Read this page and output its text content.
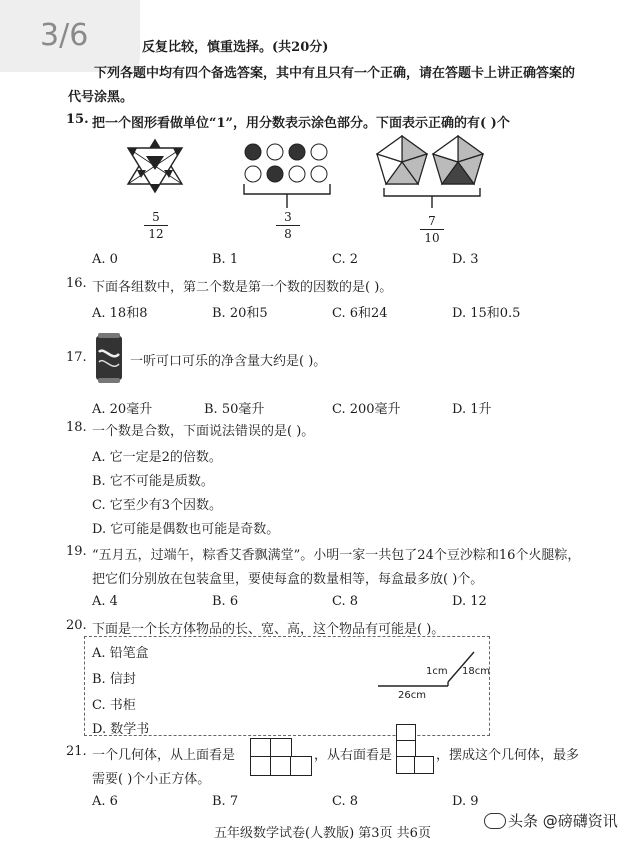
3/6	反复比较，慎重选择。(共20分)
下列各题中均有四个备选答案，其中有且只有一个正确，请在答题卡上讲正确答案的
代号涂黑。
15. 把一个图形看做单位“1”，用分数表示涂色部分。下面表示正确的有( )个
5
12
3
8
7
10
A. 0	B. 1	C. 2	D. 3
16. 下面各组数中，第二个数是第一个数的因数的是( )。
A. 18和8	B. 20和5	C. 6和24	D. 15和0.5
17.	一听可口可乐的净含量大约是( )。
A. 20毫升	B. 50毫升	C. 200毫升	D. 1升
18. 一个数是合数，下面说法错误的是( )。
A. 它一定是2的倍数。
B. 它不可能是质数。
C. 它至少有3个因数。
D. 它可能是偶数也可能是奇数。
19. “五月五，过端午，粽香艾香飘满堂”。小明一家一共包了24个豆沙粽和16个火腿粽，
把它们分别放在包装盒里，要使每盒的数量相等，每盒最多放( )个。
A. 4	B. 6	C. 8	D. 12
20. 下面是一个长方体物品的长、宽、高，这个物品有可能是( )。
A. 铅笔盒
B. 信封
C. 书柜
D. 数学书
1cm 18cm
26cm
21. 一个几何体，从上面看是	，从右面看是	，摆成这个几何体，最多
需要( )个小正方体。
A. 6	B. 7	C. 8	D. 9
五年级数学试卷(人教版) 第3页 共6页
头条 @磅礴资讯
